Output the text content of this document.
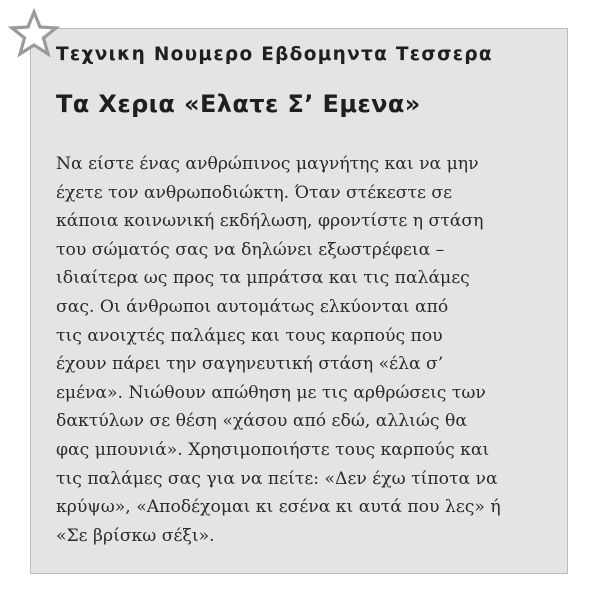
Τεχνικη Νουμερο Εβδομηντα Τεσσερα
Τα Χερια «Ελατε Σ’ Εμενα»
Να είστε ένας ανθρώπινος μαγνήτης και να μην
έχετε τον ανθρωποδιώκτη. Όταν στέκεστε σε
κάποια κοινωνική εκδήλωση, φροντίστε η στάση
του σώματός σας να δηλώνει εξωστρέφεια –
ιδιαίτερα ως προς τα μπράτσα και τις παλάμες
σας. Οι άνθρωποι αυτομάτως ελκύονται από
τις ανοιχτές παλάμες και τους καρπούς που
έχουν πάρει την σαγηνευτική στάση «έλα σ’
εμένα». Νιώθουν απώθηση με τις αρθρώσεις των
δακτύλων σε θέση «χάσου από εδώ, αλλιώς θα
φας μπουνιά». Χρησιμοποιήστε τους καρπούς και
τις παλάμες σας για να πείτε: «Δεν έχω τίποτα να
κρύψω», «Αποδέχομαι κι εσένα κι αυτά που λες» ή
«Σε βρίσκω σέξι».
